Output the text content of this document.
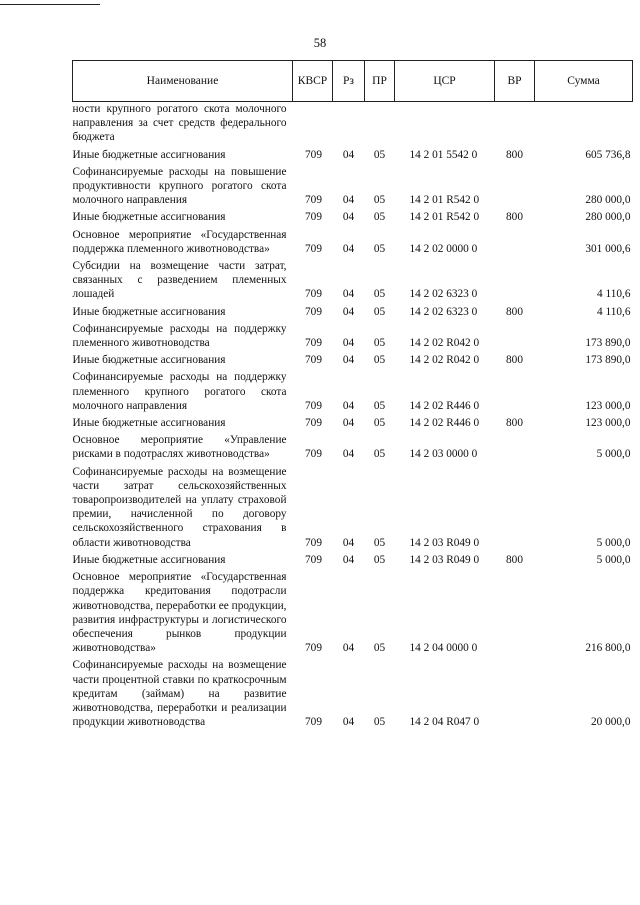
58
Наименование	КВСР	Рз	ПР	ЦСР	ВР	Сумма
ности крупного рогатого скота молочного направления за счет средств федерального бюджета						
Иные бюджетные ассигнования	709	04	05	14 2 01 5542 0	800	605 736,8
Софинансируемые расходы на повышение продуктивности крупного рогатого скота молочного направления	709	04	05	14 2 01 R542 0		280 000,0
Иные бюджетные ассигнования	709	04	05	14 2 01 R542 0	800	280 000,0
Основное мероприятие «Государственная поддержка племенного животноводства»	709	04	05	14 2 02 0000 0		301 000,6
Субсидии на возмещение части затрат, связанных с разведением племенных лошадей	709	04	05	14 2 02 6323 0		4 110,6
Иные бюджетные ассигнования	709	04	05	14 2 02 6323 0	800	4 110,6
Софинансируемые расходы на поддержку племенного животноводства	709	04	05	14 2 02 R042 0		173 890,0
Иные бюджетные ассигнования	709	04	05	14 2 02 R042 0	800	173 890,0
Софинансируемые расходы на поддержку племенного крупного рогатого скота молочного направления	709	04	05	14 2 02 R446 0		123 000,0
Иные бюджетные ассигнования	709	04	05	14 2 02 R446 0	800	123 000,0
Основное мероприятие «Управление рисками в подотраслях животноводства»	709	04	05	14 2 03 0000 0		5 000,0
Софинансируемые расходы на возмещение части затрат сельскохозяйственных товаропроизводителей на уплату страховой премии, начисленной по договору сельскохозяйственного страхования в области животноводства	709	04	05	14 2 03 R049 0		5 000,0
Иные бюджетные ассигнования	709	04	05	14 2 03 R049 0	800	5 000,0
Основное мероприятие «Государственная поддержка кредитования подотрасли животноводства, переработки ее продукции, развития инфраструктуры и логистического обеспечения рынков продукции животноводства»	709	04	05	14 2 04 0000 0		216 800,0
Софинансируемые расходы на возмещение части процентной ставки по краткосрочным кредитам (займам) на развитие животноводства, переработки и реализации продукции животноводства	709	04	05	14 2 04 R047 0		20 000,0
